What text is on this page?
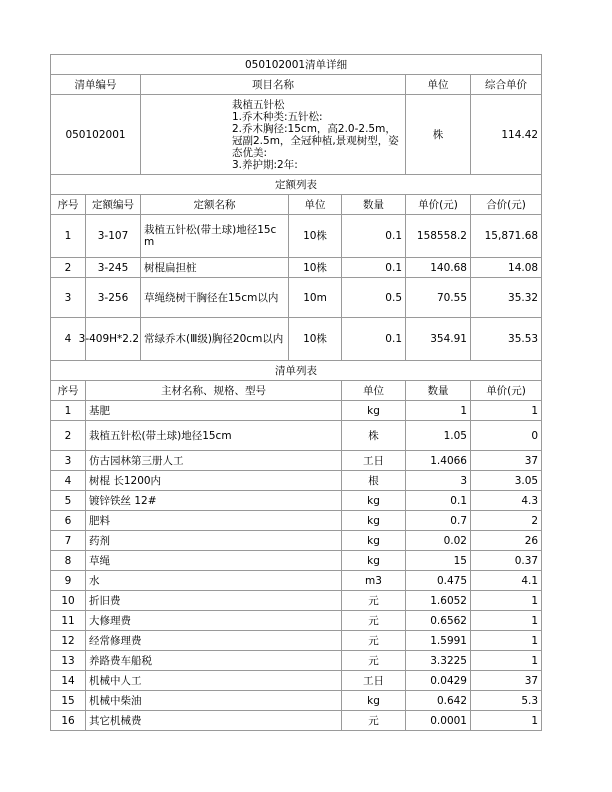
050102001清单详细							
清单编号		项目名称			单位	综合单价	
050102001		栽植五针松
1.乔木种类:五针松:
2.乔木胸径:15cm，高2.0-2.5m，冠副2.5m，全冠种植,景观树型，姿态优美:
3.养护期:2年:			株	114.42	
定额列表							
序号	定额编号	定额名称	单位	数量	单价(元)	合价(元)	
1	3-107	栽植五针松(带土球)地径15cm	10株	0.1	158558.2	15,871.68	
2	3-245	树棍扁担桩	10株	0.1	140.68	14.08	
3	3-256	草绳绕树干胸径在15cm以内	10m	0.5	70.55	35.32	
4	3-409H*2.2	常绿乔木(Ⅲ级)胸径20cm以内	10株	0.1	354.91	35.53	
清单列表							
序号	主材名称、规格、型号			单位	数量	单价(元)	
1	基肥			kg	1	1	
2	栽植五针松(带土球)地径15cm			株	1.05	0	
3	仿古园林第三册人工			工日	1.4066	37	
4	树棍 长1200内			根	3	3.05	
5	镀锌铁丝 12#			kg	0.1	4.3	
6	肥料			kg	0.7	2	
7	药剂			kg	0.02	26	
8	草绳			kg	15	0.37	
9	水			m3	0.475	4.1	
10	折旧费			元	1.6052	1	
11	大修理费			元	0.6562	1	
12	经常修理费			元	1.5991	1	
13	养路费车船税			元	3.3225	1	
14	机械中人工			工日	0.0429	37	
15	机械中柴油			kg	0.642	5.3	
16	其它机械费			元	0.0001	1	
